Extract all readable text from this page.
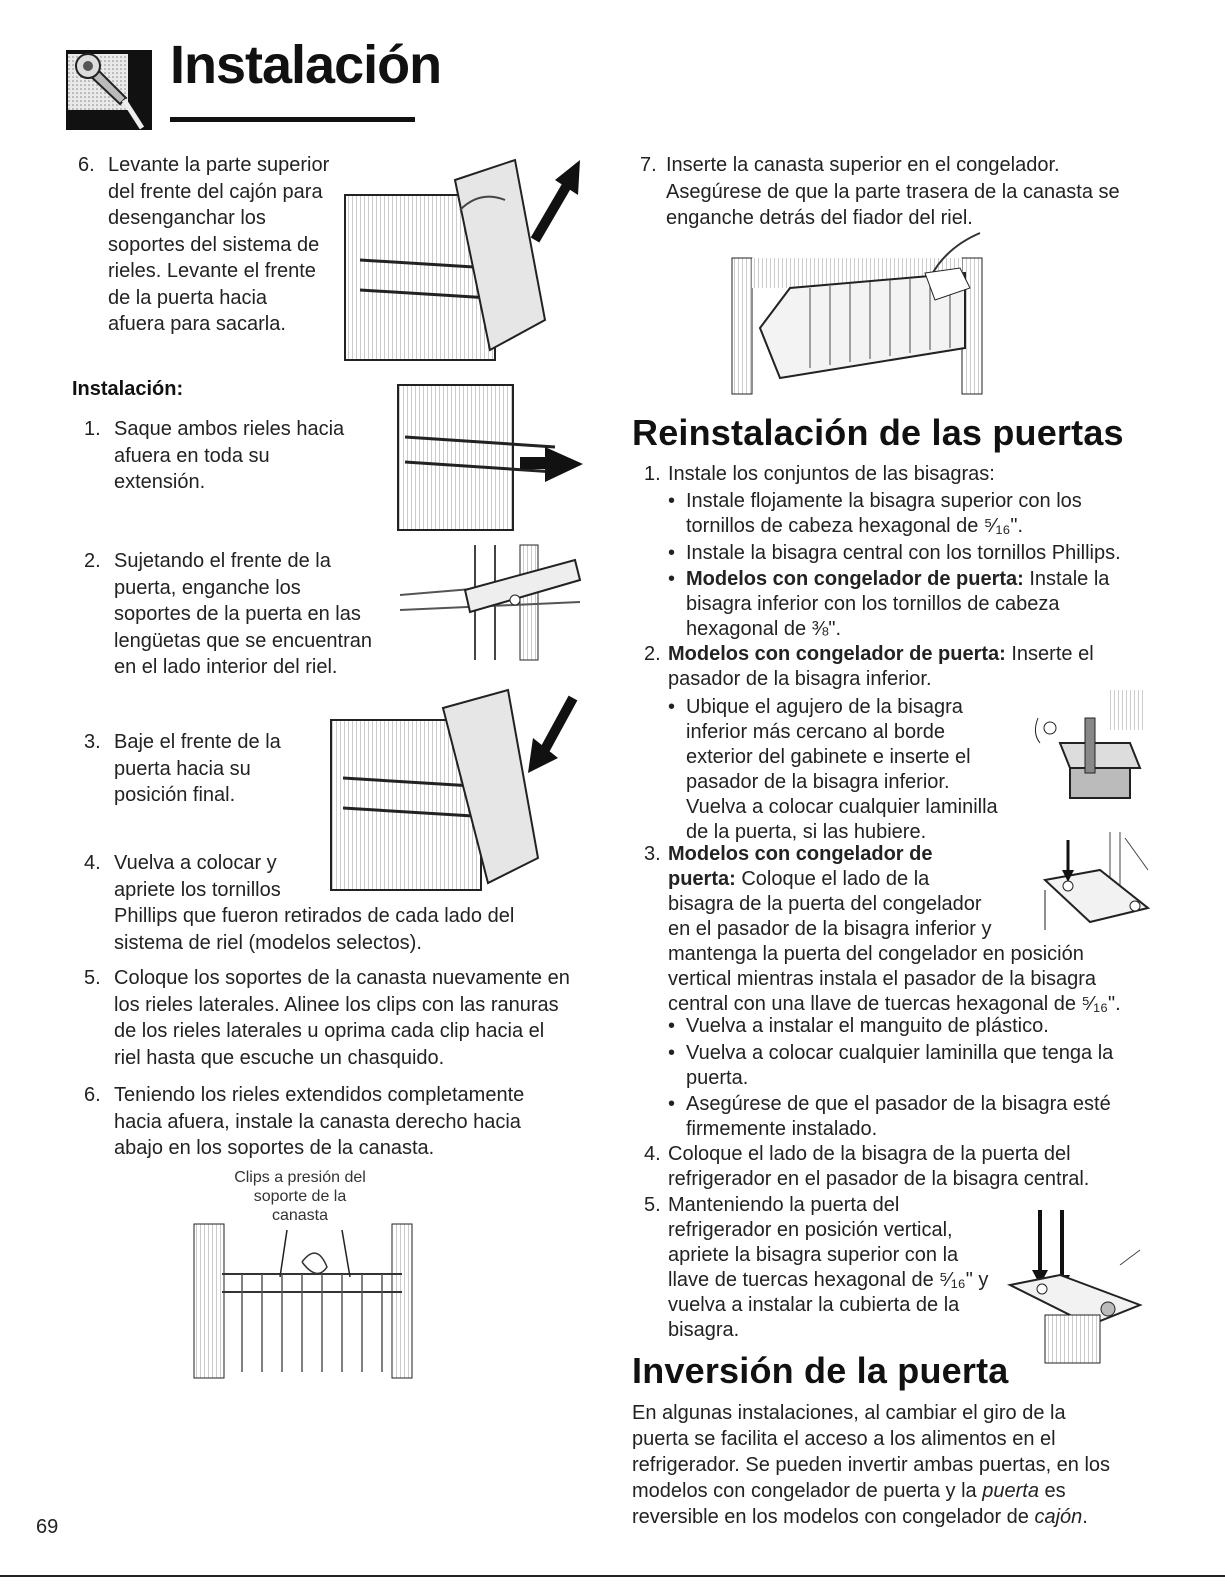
Instalación
6. Levante la parte superior
del frente del cajón para
desenganchar los
soportes del sistema de
rieles. Levante el frente
de la puerta hacia
afuera para sacarla.
Instalación:
1. Saque ambos rieles hacia
afuera en toda su
extensión.
2. Sujetando el frente de la
puerta, enganche los
soportes de la puerta en las
lengüetas que se encuentran
en el lado interior del riel.
3. Baje el frente de la
puerta hacia su
posición final.
4. Vuelva a colocar y
apriete los tornillos
Phillips que fueron retirados de cada lado del
sistema de riel (modelos selectos).
5. Coloque los soportes de la canasta nuevamente en
los rieles laterales. Alinee los clips con las ranuras
de los rieles laterales u oprima cada clip hacia el
riel hasta que escuche un chasquido.
6. Teniendo los rieles extendidos completamente
hacia afuera, instale la canasta derecho hacia
abajo en los soportes de la canasta.
Clips a presión del
soporte de la
canasta
69
7. Inserte la canasta superior en el congelador.
Asegúrese de que la parte trasera de la canasta se
enganche detrás del fiador del riel.
Reinstalación de las puertas
1. Instale los conjuntos de las bisagras:
• Instale flojamente la bisagra superior con los
tornillos de cabeza hexagonal de ⁵⁄₁₆".
• Instale la bisagra central con los tornillos Phillips.
• Modelos con congelador de puerta: Instale la
bisagra inferior con los tornillos de cabeza
hexagonal de ⅜".
2. Modelos con congelador de puerta: Inserte el
pasador de la bisagra inferior.
• Ubique el agujero de la bisagra
inferior más cercano al borde
exterior del gabinete e inserte el
pasador de la bisagra inferior.
Vuelva a colocar cualquier laminilla
de la puerta, si las hubiere.
3. Modelos con congelador de
puerta: Coloque el lado de la
bisagra de la puerta del congelador
en el pasador de la bisagra inferior y
mantenga la puerta del congelador en posición
vertical mientras instala el pasador de la bisagra
central con una llave de tuercas hexagonal de ⁵⁄₁₆".
• Vuelva a instalar el manguito de plástico.
• Vuelva a colocar cualquier laminilla que tenga la
puerta.
• Asegúrese de que el pasador de la bisagra esté
firmemente instalado.
4. Coloque el lado de la bisagra de la puerta del
refrigerador en el pasador de la bisagra central.
5. Manteniendo la puerta del
refrigerador en posición vertical,
apriete la bisagra superior con la
llave de tuercas hexagonal de ⁵⁄₁₆" y
vuelva a instalar la cubierta de la
bisagra.
Inversión de la puerta
En algunas instalaciones, al cambiar el giro de la
puerta se facilita el acceso a los alimentos en el
refrigerador. Se pueden invertir ambas puertas, en los
modelos con congelador de puerta y la puerta es
reversible en los modelos con congelador de cajón.
